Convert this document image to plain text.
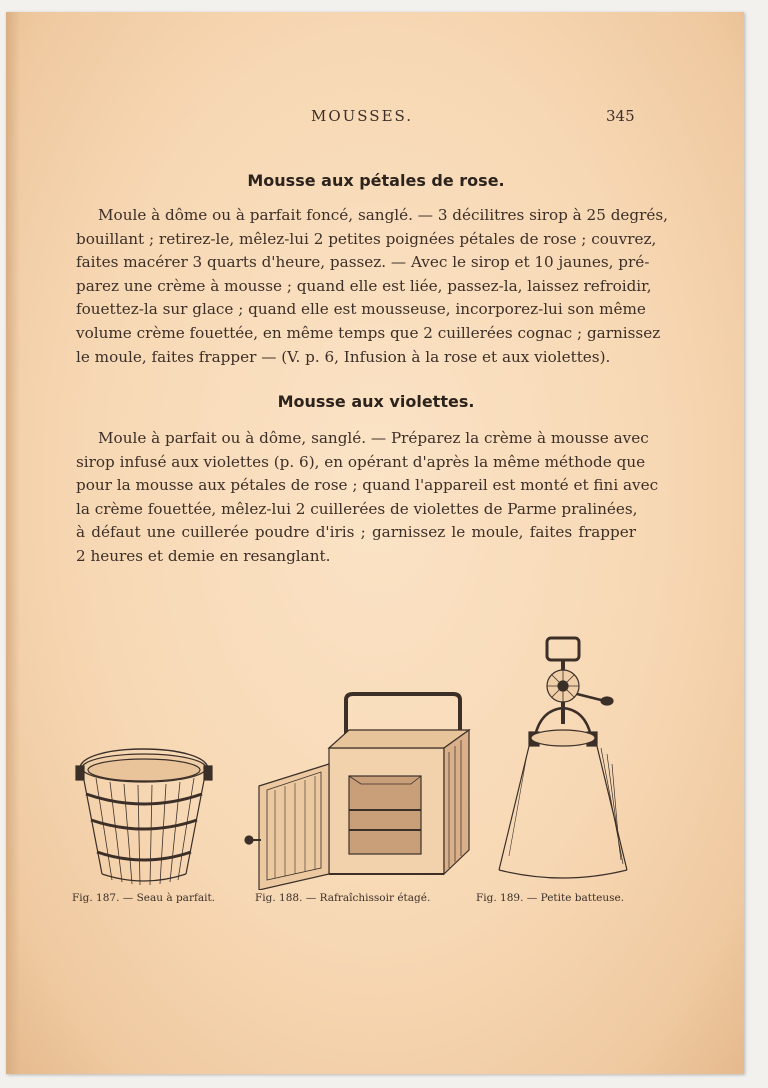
MOUSSES.	345
Mousse aux pétales de rose.
Moule à dôme ou à parfait foncé, sanglé. — 3 décilitres sirop à 25 degrés,
bouillant ; retirez-le, mêlez-lui 2 petites poignées pétales de rose ; couvrez,
faites macérer 3 quarts d'heure, passez. — Avec le sirop et 10 jaunes, pré-
parez une crème à mousse ; quand elle est liée, passez-la, laissez refroidir,
fouettez-la sur glace ; quand elle est mousseuse, incorporez-lui son même
volume crème fouettée, en même temps que 2 cuillerées cognac ; garnissez
le moule, faites frapper — (V. p. 6, Infusion à la rose et aux violettes).
Mousse aux violettes.
Moule à parfait ou à dôme, sanglé. — Préparez la crème à mousse avec
sirop infusé aux violettes (p. 6), en opérant d'après la même méthode que
pour la mousse aux pétales de rose ; quand l'appareil est monté et fini avec
la crème fouettée, mêlez-lui 2 cuillerées de violettes de Parme pralinées,
à défaut une cuillerée poudre d'iris ; garnissez le moule, faites frapper
2 heures et demie en resanglant.
Fig. 187. — Seau à parfait.	Fig. 188. — Rafraîchissoir étagé.	Fig. 189. — Petite batteuse.
